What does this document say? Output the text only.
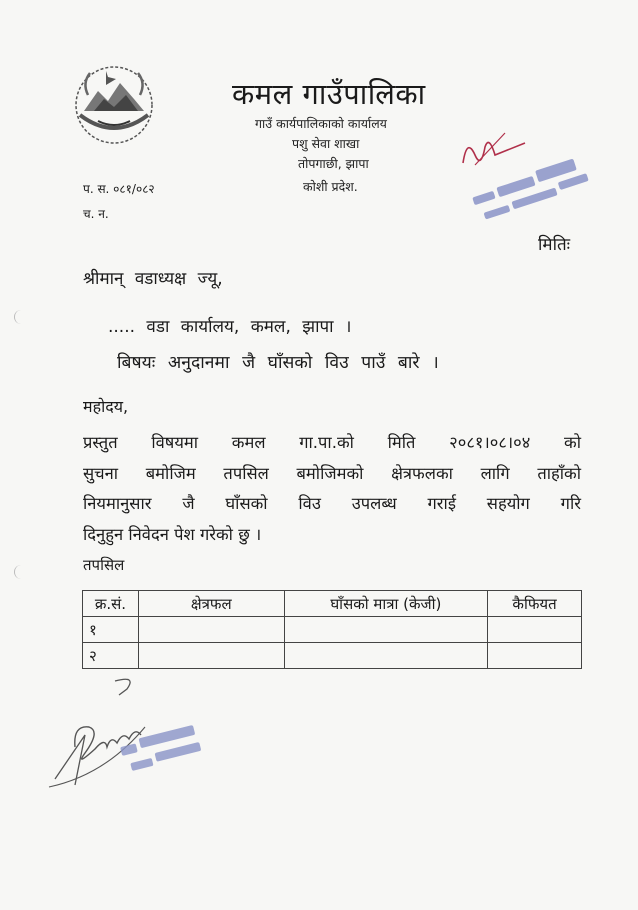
कमल गाउँपालिका
गाउँ कार्यपालिकाको कार्यालय
पशु सेवा शाखा
तोपगाछी, झापा
कोशी प्रदेश.
प. स. ०८१/०८२
च. न.
मितिः
श्रीमान् वडाध्यक्ष ज्यू,
..... वडा कार्यालय, कमल, झापा ।
बिषयः अनुदानमा जै घाँसको विउ पाउँ बारे ।
महोदय,
प्रस्तुत विषयमा कमल गा.पा.को मिति २०८१।०८।०४ को
सुचना बमोजिम तपसिल बमोजिमको क्षेत्रफलका लागि ताहाँको
नियमानुसार जै घाँसको विउ उपलब्ध गराई सहयोग गरि
दिनुहुन निवेदन पेश गरेको छु ।
तपसिल
क्र.सं.	क्षेत्रफल	घाँसको मात्रा (केजी)	कैफियत
१			
२			
